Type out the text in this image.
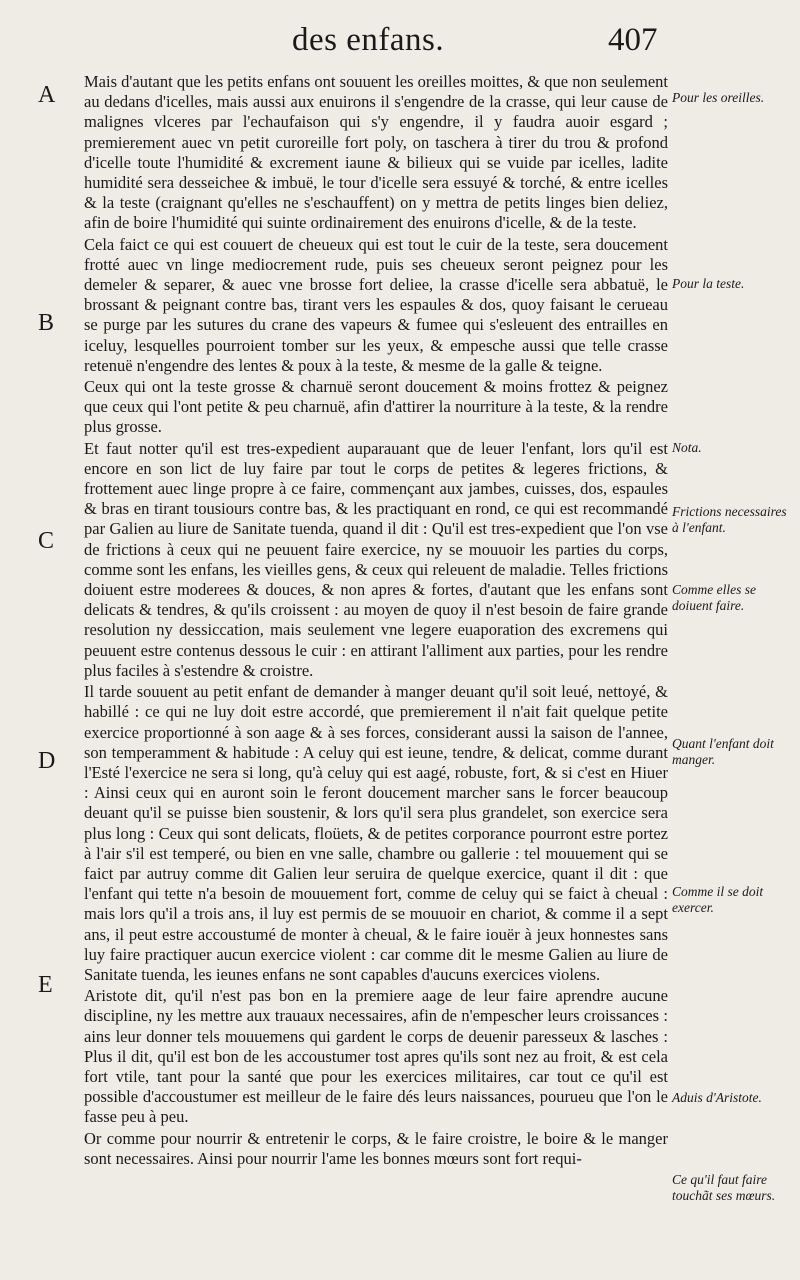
des enfans.	407
A
B
C
D
E

Mais d'autant que les petits enfans ont souuent les oreilles moittes, & que non seulement au dedans d'icelles, mais aussi aux enuirons il s'engendre de la crasse, qui leur cause de malignes vlceres par l'echaufaison qui s'y engendre, il y faudra auoir esgard ; premierement auec vn petit curoreille fort poly, on taschera à tirer du trou & profond d'icelle toute l'humidité & excrement iaune & bilieux qui se vuide par icelles, ladite humidité sera desseichee & imbuë, le tour d'icelle sera essuyé & torché, & entre icelles & la teste (craignant qu'elles ne s'eschauffent) on y mettra de petits linges bien deliez, afin de boire l'humidité qui suinte ordinairement des enuirons d'icelle, & de la teste.

Cela faict ce qui est couuert de cheueux qui est tout le cuir de la teste, sera doucement frotté auec vn linge mediocrement rude, puis ses cheueux seront peignez pour les demeler & separer, & auec vne brosse fort deliee, la crasse d'icelle sera abbatuë, le brossant & peignant contre bas, tirant vers les espaules & dos, quoy faisant le cerueau se purge par les sutures du crane des vapeurs & fumee qui s'esleuent des entrailles en iceluy, lesquelles pourroient tomber sur les yeux, & empesche aussi que telle crasse retenuë n'engendre des lentes & poux à la teste, & mesme de la galle & teigne.

Ceux qui ont la teste grosse & charnuë seront doucement & moins frottez & peignez que ceux qui l'ont petite & peu charnuë, afin d'attirer la nourriture à la teste, & la rendre plus grosse.

Et faut notter qu'il est tres-expedient auparauant que de leuer l'enfant, lors qu'il est encore en son lict de luy faire par tout le corps de petites & legeres frictions, & frottement auec linge propre à ce faire, commençant aux jambes, cuisses, dos, espaules & bras en tirant tousiours contre bas, & les practiquant en rond, ce qui est recommandé par Galien au liure de Sanitate tuenda, quand il dit : Qu'il est tres-expedient que l'on vse de frictions à ceux qui ne peuuent faire exercice, ny se mouuoir les parties du corps, comme sont les enfans, les vieilles gens, & ceux qui releuent de maladie. Telles frictions doiuent estre moderees & douces, & non apres & fortes, d'autant que les enfans sont delicats & tendres, & qu'ils croissent : au moyen de quoy il n'est besoin de faire grande resolution ny dessiccation, mais seulement vne legere euaporation des excremens qui peuuent estre contenus dessous le cuir : en attirant l'alliment aux parties, pour les rendre plus faciles à s'estendre & croistre.

Il tarde souuent au petit enfant de demander à manger deuant qu'il soit leué, nettoyé, & habillé : ce qui ne luy doit estre accordé, que premierement il n'ait fait quelque petite exercice proportionné à son aage & à ses forces, considerant aussi la saison de l'annee, son temperamment & habitude : A celuy qui est ieune, tendre, & delicat, comme durant l'Esté l'exercice ne sera si long, qu'à celuy qui est aagé, robuste, fort, & si c'est en Hiuer : Ainsi ceux qui en auront soin le feront doucement marcher sans le forcer beaucoup deuant qu'il se puisse bien soustenir, & lors qu'il sera plus grandelet, son exercice sera plus long : Ceux qui sont delicats, floüets, & de petites corporance pourront estre portez à l'air s'il est temperé, ou bien en vne salle, chambre ou gallerie : tel mouuement qui se faict par autruy comme dit Galien leur seruira de quelque exercice, quant il dit : que l'enfant qui tette n'a besoin de mouuement fort, comme de celuy qui se faict à cheual : mais lors qu'il a trois ans, il luy est permis de se mouuoir en chariot, & comme il a sept ans, il peut estre accoustumé de monter à cheual, & le faire iouër à jeux honnestes sans luy faire practiquer aucun exercice violent : car comme dit le mesme Galien au liure de Sanitate tuenda, les ieunes enfans ne sont capables d'aucuns exercices violens.

Aristote dit, qu'il n'est pas bon en la premiere aage de leur faire aprendre aucune discipline, ny les mettre aux trauaux necessaires, afin de n'empescher leurs croissances : ains leur donner tels mouuemens qui gardent le corps de deuenir paresseux & lasches : Plus il dit, qu'il est bon de les accoustumer tost apres qu'ils sont nez au froit, & est cela fort vtile, tant pour la santé que pour les exercices militaires, car tout ce qu'il est possible d'accoustumer est meilleur de le faire dés leurs naissances, pourueu que l'on le fasse peu à peu.

Or comme pour nourrir & entretenir le corps, & le faire croistre, le boire & le manger sont necessaires. Ainsi pour nourrir l'ame les bonnes mœurs sont fort requi-

Pour les oreilles.
Pour la teste.
Nota.
Frictions necessaires à l'enfant.
Comme elles se doiuent faire.
Quant l'enfant doit manger.
Comme il se doit exercer.
Aduis d'Aristote.
Ce qu'il faut faire touchãt ses mœurs.
